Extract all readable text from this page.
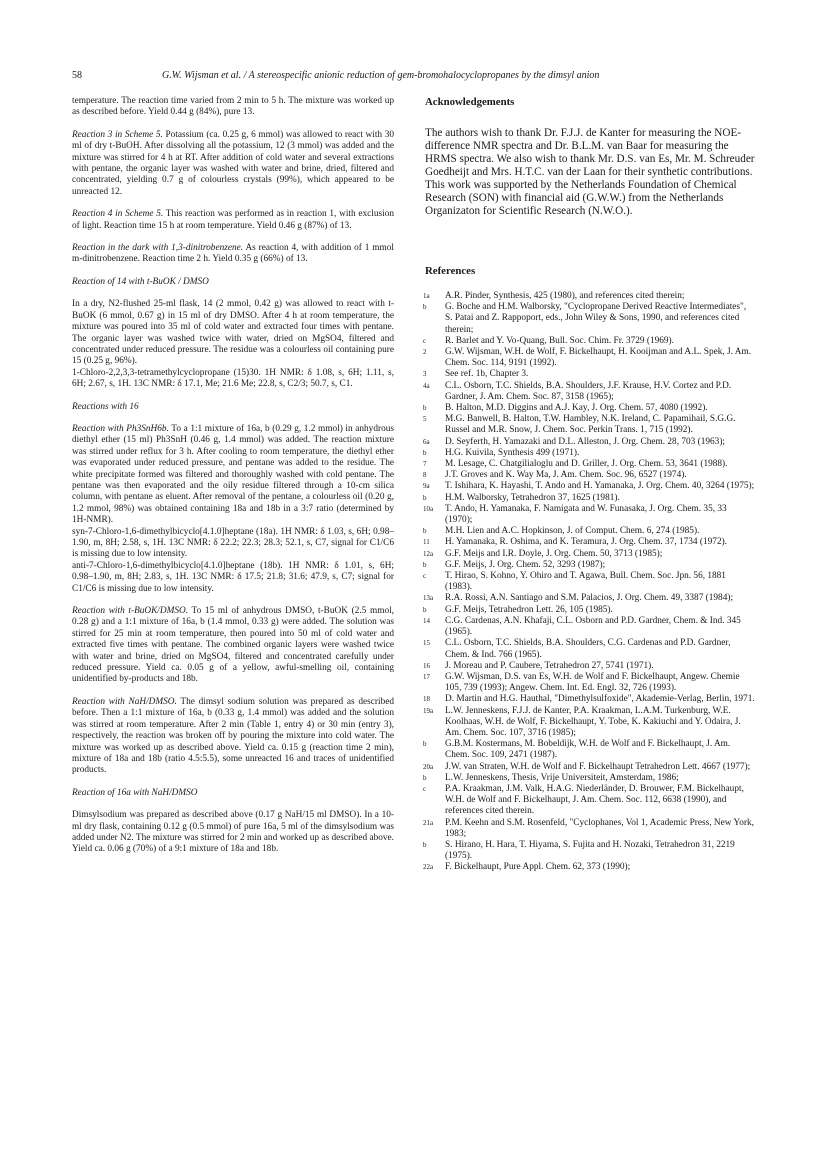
58	G.W. Wijsman et al. / A stereospecific anionic reduction of gem-bromohalocyclopropanes by the dimsyl anion

temperature. The reaction time varied from 2 min to 5 h. The mixture was worked up as described before. Yield 0.44 g (84%), pure 13.

Reaction 3 in Scheme 5. Potassium (ca. 0.25 g, 6 mmol) was allowed to react with 30 ml of dry t-BuOH. After dissolving all the potassium, 12 (3 mmol) was added and the mixture was stirred for 4 h at RT. After addition of cold water and several extractions with pentane, the organic layer was washed with water and brine, dried, filtered and concentrated, yielding 0.7 g of colourless crystals (99%), which appeared to be unreacted 12.

Reaction 4 in Scheme 5. This reaction was performed as in reaction 1, with exclusion of light. Reaction time 15 h at room temperature. Yield 0.46 g (87%) of 13.

Reaction in the dark with 1,3-dinitrobenzene. As reaction 4, with addition of 1 mmol m-dinitrobenzene. Reaction time 2 h. Yield 0.35 g (66%) of 13.

Reaction of 14 with t-BuOK / DMSO

In a dry, N2-flushed 25-ml flask, 14 (2 mmol, 0.42 g) was allowed to react with t-BuOK (6 mmol, 0.67 g) in 15 ml of dry DMSO. After 4 h at room temperature, the mixture was poured into 35 ml of cold water and extracted four times with pentane. The organic layer was washed twice with water, dried on MgSO4, filtered and concentrated under reduced pressure. The residue was a colourless oil containing pure 15 (0.25 g, 96%).

1-Chloro-2,2,3,3-tetramethylcyclopropane (15)30. 1H NMR: δ 1.08, s, 6H; 1.11, s, 6H; 2.67, s, 1H. 13C NMR: δ 17.1, Me; 21.6 Me; 22.8, s, C2/3; 50.7, s, C1.

Reactions with 16

Reaction with Ph3SnH6b. To a 1:1 mixture of 16a, b (0.29 g, 1.2 mmol) in anhydrous diethyl ether (15 ml) Ph3SnH (0.46 g, 1.4 mmol) was added. The reaction mixture was stirred under reflux for 3 h. After cooling to room temperature, the diethyl ether was evaporated under reduced pressure, and pentane was added to the residue. The white precipitate formed was filtered and thoroughly washed with cold pentane. The pentane was then evaporated and the oily residue filtered through a 10-cm silica column, with pentane as eluent. After removal of the pentane, a colourless oil (0.20 g, 1.2 mmol, 98%) was obtained containing 18a and 18b in a 3:7 ratio (determined by 1H-NMR).

syn-7-Chloro-1,6-dimethylbicyclo[4.1.0]heptane (18a). 1H NMR: δ 1.03, s, 6H; 0.98–1.90, m, 8H; 2.58, s, 1H. 13C NMR: δ 22.2; 22.3; 28.3; 52.1, s, C7, signal for C1/C6 is missing due to low intensity.

anti-7-Chloro-1,6-dimethylbicyclo[4.1.0]heptane (18b). 1H NMR: δ 1.01, s, 6H; 0.98–1.90, m, 8H; 2.83, s, 1H. 13C NMR: δ 17.5; 21.8; 31.6; 47.9, s, C7; signal for C1/C6 is missing due to low intensity.

Reaction with t-BuOK/DMSO. To 15 ml of anhydrous DMSO, t-BuOK (2.5 mmol, 0.28 g) and a 1:1 mixture of 16a, b (1.4 mmol, 0.33 g) were added. The solution was stirred for 25 min at room temperature, then poured into 50 ml of cold water and extracted five times with pentane. The combined organic layers were washed twice with water and brine, dried on MgSO4, filtered and concentrated carefully under reduced pressure. Yield ca. 0.05 g of a yellow, awful-smelling oil, containing unidentified by-products and 18b.

Reaction with NaH/DMSO. The dimsyl sodium solution was prepared as described before. Then a 1:1 mixture of 16a, b (0.33 g, 1.4 mmol) was added and the solution was stirred at room temperature. After 2 min (Table 1, entry 4) or 30 min (entry 3), respectively, the reaction was broken off by pouring the mixture into cold water. The mixture was worked up as described above. Yield ca. 0.15 g (reaction time 2 min), mixture of 18a and 18b (ratio 4.5:5.5), some unreacted 16 and traces of unidentified products.

Reaction of 16a with NaH/DMSO

Dimsylsodium was prepared as described above (0.17 g NaH/15 ml DMSO). In a 10-ml dry flask, containing 0.12 g (0.5 mmol) of pure 16a, 5 ml of the dimsylsodium was added under N2. The mixture was stirred for 2 min and worked up as described above. Yield ca. 0.06 g (70%) of a 9:1 mixture of 18a and 18b.

Acknowledgements

The authors wish to thank Dr. F.J.J. de Kanter for measuring the NOE-difference NMR spectra and Dr. B.L.M. van Baar for measuring the HRMS spectra. We also wish to thank Mr. D.S. van Es, Mr. M. Schreuder Goedheijt and Mrs. H.T.C. van der Laan for their synthetic contributions. This work was supported by the Netherlands Foundation of Chemical Research (SON) with financial aid (G.W.W.) from the Netherlands Organizaton for Scientific Research (N.W.O.).

References

1a A.R. Pinder, Synthesis, 425 (1980), and references cited therein;
b G. Boche and H.M. Walborsky, "Cyclopropane Derived Reactive Intermediates", S. Patai and Z. Rappoport, eds., John Wiley & Sons, 1990, and references cited therein;
c R. Barlet and Y. Vo-Quang, Bull. Soc. Chim. Fr. 3729 (1969).
2 G.W. Wijsman, W.H. de Wolf, F. Bickelhaupt, H. Kooijman and A.L. Spek, J. Am. Chem. Soc. 114, 9191 (1992).
3 See ref. 1b, Chapter 3.
4a C.L. Osborn, T.C. Shields, B.A. Shoulders, J.F. Krause, H.V. Cortez and P.D. Gardner, J. Am. Chem. Soc. 87, 3158 (1965);
b B. Halton, M.D. Diggins and A.J. Kay, J. Org. Chem. 57, 4080 (1992).
5 M.G. Banwell, B. Halton, T.W. Hambley, N.K. Ireland, C. Papamihail, S.G.G. Russel and M.R. Snow, J. Chem. Soc. Perkin Trans. 1, 715 (1992).
6a D. Seyferth, H. Yamazaki and D.L. Alleston, J. Org. Chem. 28, 703 (1963);
b H.G. Kuivila, Synthesis 499 (1971).
7 M. Lesage, C. Chatgilialoglu and D. Griller, J. Org. Chem. 53, 3641 (1988).
8 J.T. Groves and K. Way Ma, J. Am. Chem. Soc. 96, 6527 (1974).
9a T. Ishihara, K. Hayashi, T. Ando and H. Yamanaka, J. Org. Chem. 40, 3264 (1975);
b H.M. Walborsky, Tetrahedron 37, 1625 (1981).
10a T. Ando, H. Yamanaka, F. Namigata and W. Funasaka, J. Org. Chem. 35, 33 (1970);
b M.H. Lien and A.C. Hopkinson, J. of Comput. Chem. 6, 274 (1985).
11 H. Yamanaka, R. Oshima, and K. Teramura, J. Org. Chem. 37, 1734 (1972).
12a G.F. Meijs and I.R. Doyle, J. Org. Chem. 50, 3713 (1985);
b G.F. Meijs, J. Org. Chem. 52, 3293 (1987);
c T. Hirao, S. Kohno, Y. Ohiro and T. Agawa, Bull. Chem. Soc. Jpn. 56, 1881 (1983).
13a R.A. Rossi, A.N. Santiago and S.M. Palacios, J. Org. Chem. 49, 3387 (1984);
b G.F. Meijs, Tetrahedron Lett. 26, 105 (1985).
14 C.G. Cardenas, A.N. Khafaji, C.L. Osborn and P.D. Gardner, Chem. & Ind. 345 (1965).
15 C.L. Osborn, T.C. Shields, B.A. Shoulders, C.G. Cardenas and P.D. Gardner, Chem. & Ind. 766 (1965).
16 J. Moreau and P. Caubere, Tetrahedron 27, 5741 (1971).
17 G.W. Wijsman, D.S. van Es, W.H. de Wolf and F. Bickelhaupt, Angew. Chemie 105, 739 (1993); Angew. Chem. Int. Ed. Engl. 32, 726 (1993).
18 D. Martin and H.G. Hauthal, "Dimethylsulfoxide", Akademie-Verlag, Berlin, 1971.
19a L.W. Jenneskens, F.J.J. de Kanter, P.A. Kraakman, L.A.M. Turkenburg, W.E. Koolhaas, W.H. de Wolf, F. Bickelhaupt, Y. Tobe, K. Kakiuchi and Y. Odaira, J. Am. Chem. Soc. 107, 3716 (1985);
b G.B.M. Kostermans, M. Bobeldijk, W.H. de Wolf and F. Bickelhaupt, J. Am. Chem. Soc. 109, 2471 (1987).
20a J.W. van Straten, W.H. de Wolf and F. Bickelhaupt Tetrahedron Lett. 4667 (1977);
b L.W. Jenneskens, Thesis, Vrije Universiteit, Amsterdam, 1986;
c P.A. Kraakman, J.M. Valk, H.A.G. Niederländer, D. Brouwer, F.M. Bickelhaupt, W.H. de Wolf and F. Bickelhaupt, J. Am. Chem. Soc. 112, 6638 (1990), and references cited therein.
21a P.M. Keehn and S.M. Rosenfeld, "Cyclophanes, Vol 1, Academic Press, New York, 1983;
b S. Hirano, H. Hara, T. Hiyama, S. Fujita and H. Nozaki, Tetrahedron 31, 2219 (1975).
22a F. Bickelhaupt, Pure Appl. Chem. 62, 373 (1990);
